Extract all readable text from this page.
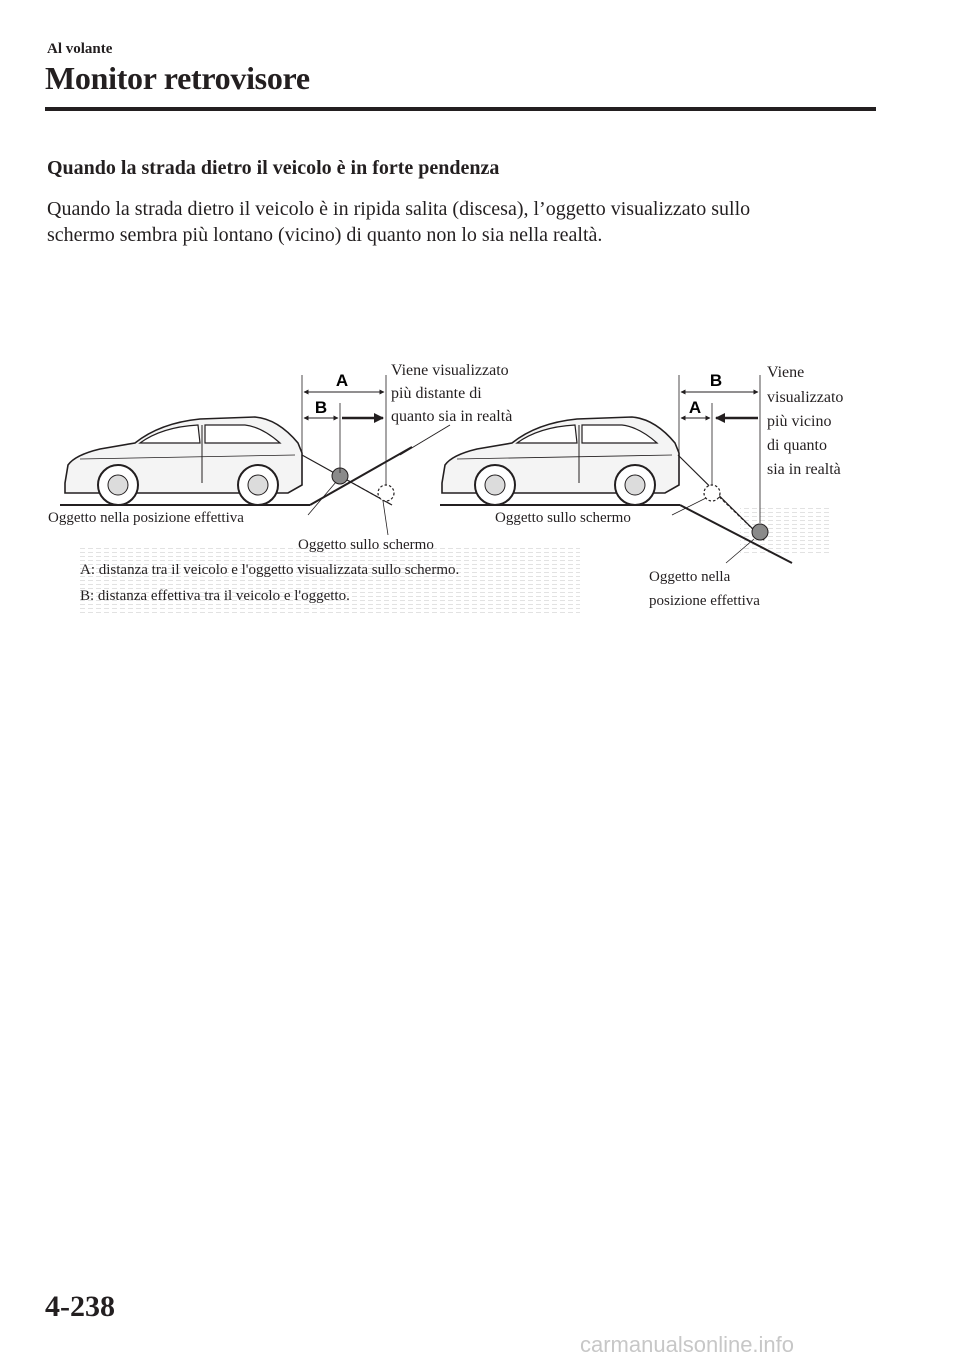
Al volante
Monitor retrovisore
Quando la strada dietro il veicolo è in forte pendenza
Quando la strada dietro il veicolo è in ripida salita (discesa), l’oggetto visualizzato sullo
schermo sembra più lontano (vicino) di quanto non lo sia nella realtà.
A
B
Viene visualizzato più distante di quanto sia in realtà
Oggetto nella posizione effettiva
Oggetto sullo schermo
B
A
Viene visualizzato più vicino di quanto sia in realtà
Oggetto sullo schermo
Oggetto nella posizione effettiva
A: distanza tra il veicolo e l'oggetto visualizzata sullo schermo.
B: distanza effettiva tra il veicolo e l'oggetto.
4-238
carmanualsonline.info
